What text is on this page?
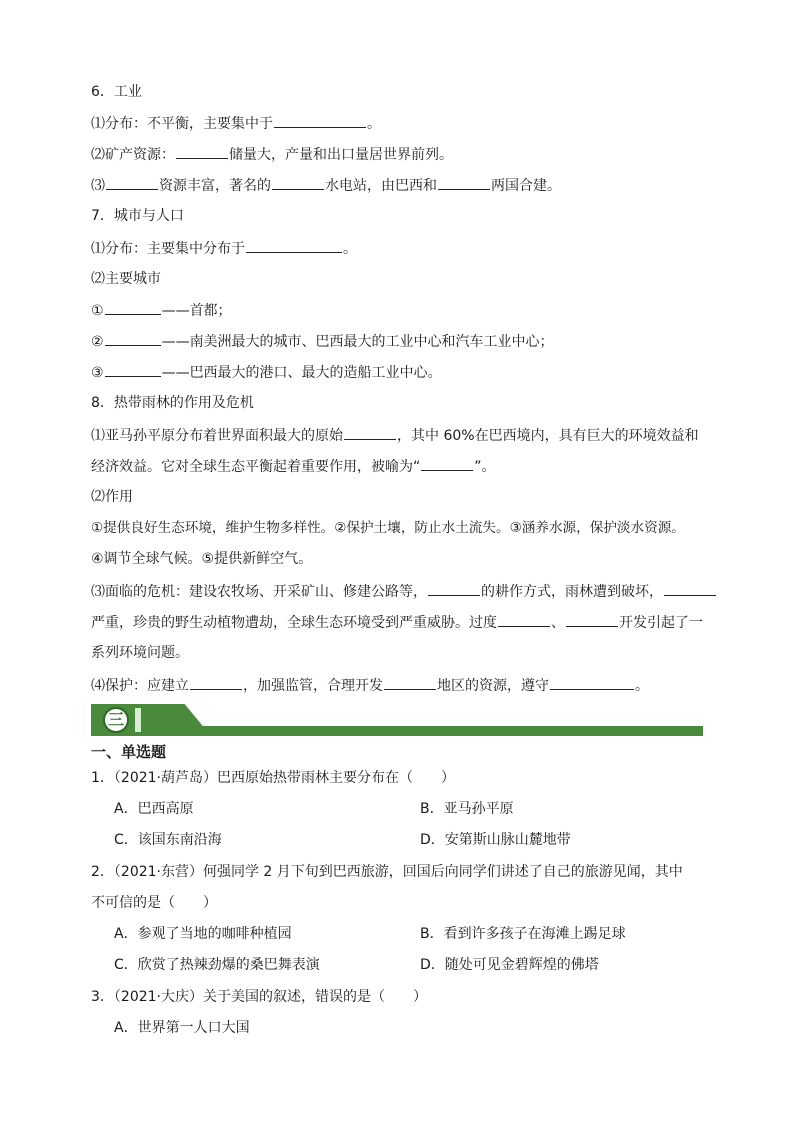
6．工业
⑴分布：不平衡，主要集中于	。
⑵矿产资源：	储量大，产量和出口量居世界前列。
⑶	资源丰富，著名的	水电站，由巴西和	两国合建。
7．城市与人口
⑴分布：主要集中分布于	。
⑵主要城市
①	——首都；
②	——南美洲最大的城市、巴西最大的工业中心和汽车工业中心；
③	——巴西最大的港口、最大的造船工业中心。
8．热带雨林的作用及危机
⑴亚马孙平原分布着世界面积最大的原始	，其中 60%在巴西境内，具有巨大的环境效益和
经济效益。它对全球生态平衡起着重要作用，被喻为“	”。
⑵作用
①提供良好生态环境，维护生物多样性。②保护土壤，防止水土流失。③涵养水源，保护淡水资源。
④调节全球气候。⑤提供新鲜空气。
⑶面临的危机：建设农牧场、开采矿山、修建公路等，	的耕作方式，雨林遭到破坏，
严重，珍贵的野生动植物遭劫，全球生态环境受到严重威胁。过度	、	开发引起了一
系列环境问题。
⑷保护：应建立	，加强监管，合理开发	地区的资源，遵守	。
三
一、单选题
1．（2021·葫芦岛）巴西原始热带雨林主要分布在（　　）
A．巴西高原	B．亚马孙平原
C．该国东南沿海	D．安第斯山脉山麓地带
2．（2021·东营）何强同学 2 月下旬到巴西旅游，回国后向同学们讲述了自己的旅游见闻，其中
不可信的是（　　）
A．参观了当地的咖啡种植园	B．看到许多孩子在海滩上踢足球
C．欣赏了热辣劲爆的桑巴舞表演	D．随处可见金碧辉煌的佛塔
3．（2021·大庆）关于美国的叙述，错误的是（　　）
A．世界第一人口大国
